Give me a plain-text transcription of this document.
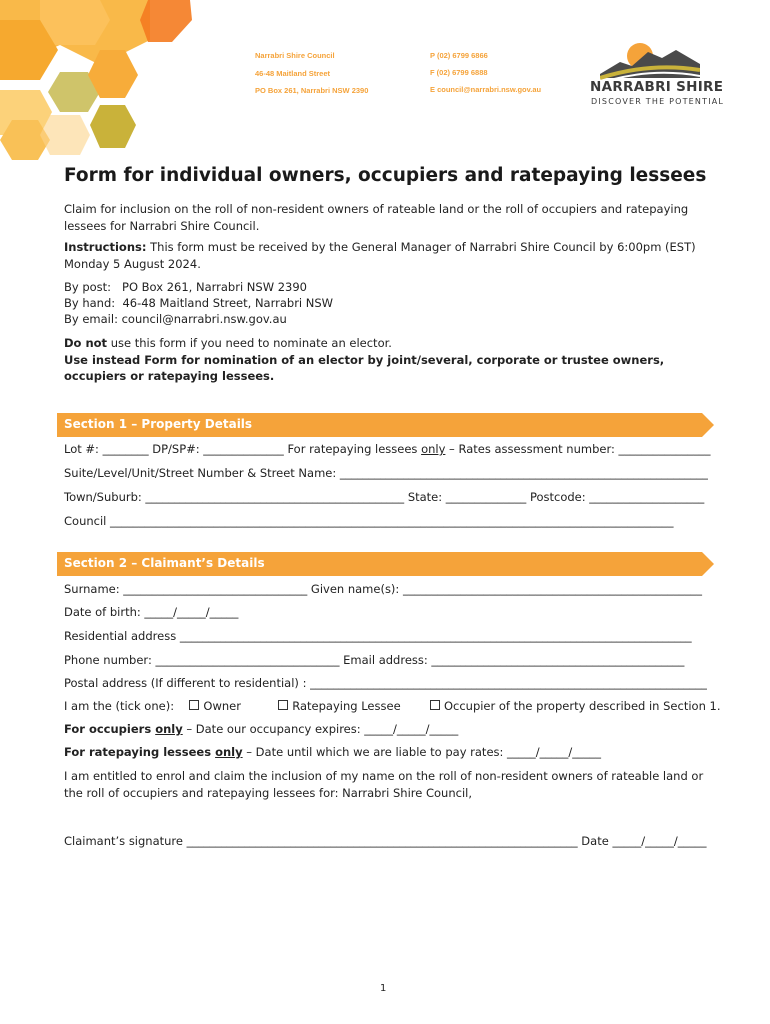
Narrabri Shire Council
46-48 Maitland Street
PO Box 261, Narrabri NSW 2390
P (02) 6799 6866
F (02) 6799 6888
E council@narrabri.nsw.gov.au	NARRABRI SHIRE
DISCOVER THE POTENTIAL
Form for individual owners, occupiers and ratepaying lessees
Claim for inclusion on the roll of non-resident owners of rateable land or the roll of occupiers and ratepaying lessees for Narrabri Shire Council.
Instructions: This form must be received by the General Manager of Narrabri Shire Council by 6:00pm (EST) Monday 5 August 2024.
By post:   PO Box 261, Narrabri NSW 2390
By hand:  46-48 Maitland Street, Narrabri NSW
By email: council@narrabri.nsw.gov.au
Do not use this form if you need to nominate an elector.
Use instead Form for nomination of an elector by joint/several, corporate or trustee owners, occupiers or ratepaying lessees.
Section 1 – Property Details
Lot #: ________ DP/SP#: ______________ For ratepaying lessees only – Rates assessment number: ________________
Suite/Level/Unit/Street Number & Street Name: ________________________________________________________________
Town/Suburb: _____________________________________________ State: ______________ Postcode: ____________________
Council __________________________________________________________________________________________________
Section 2 – Claimant’s Details
Surname: ________________________________ Given name(s): ____________________________________________________
Date of birth: _____/_____/_____
Residential address _________________________________________________________________________________________
Phone number: ________________________________ Email address: ____________________________________________
Postal address (If different to residential) : _____________________________________________________________________
I am the (tick one):	Owner	Ratepaying Lessee	Occupier of the property described in Section 1.
For occupiers only – Date our occupancy expires: _____/_____/_____
For ratepaying lessees only – Date until which we are liable to pay rates: _____/_____/_____
I am entitled to enrol and claim the inclusion of my name on the roll of non-resident owners of rateable land or the roll of occupiers and ratepaying lessees for: Narrabri Shire Council,
Claimant’s signature ____________________________________________________________________ Date _____/_____/_____
1
